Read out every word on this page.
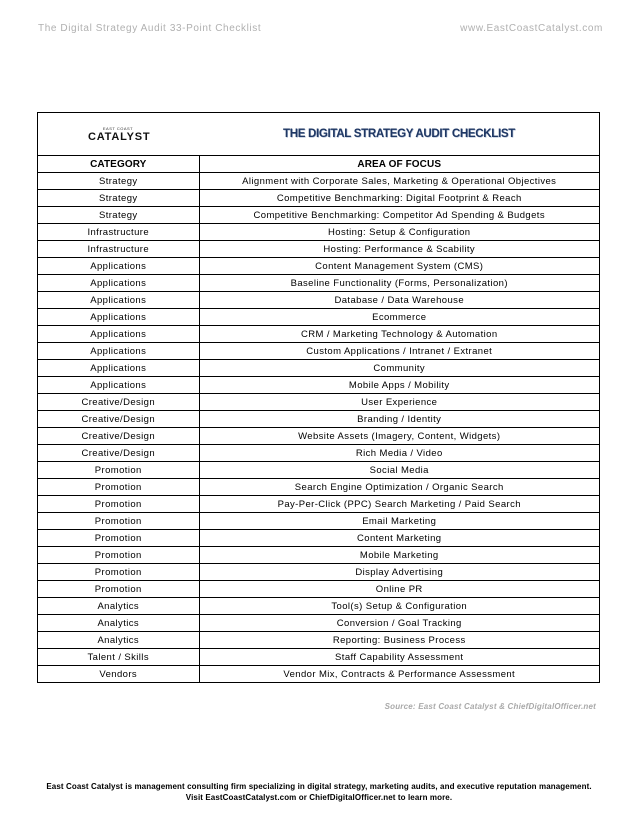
The Digital Strategy Audit 33-Point Checklist	www.EastCoastCatalyst.com
EAST COAST
CATALYST	THE DIGITAL STRATEGY AUDIT CHECKLIST
CATEGORY	AREA OF FOCUS
Strategy	Alignment with Corporate Sales, Marketing & Operational Objectives
Strategy	Competitive Benchmarking: Digital Footprint & Reach
Strategy	Competitive Benchmarking: Competitor Ad Spending & Budgets
Infrastructure	Hosting: Setup & Configuration
Infrastructure	Hosting: Performance & Scability
Applications	Content Management System (CMS)
Applications	Baseline Functionality (Forms, Personalization)
Applications	Database / Data Warehouse
Applications	Ecommerce
Applications	CRM / Marketing Technology & Automation
Applications	Custom Applications / Intranet / Extranet
Applications	Community
Applications	Mobile Apps / Mobility
Creative/Design	User Experience
Creative/Design	Branding / Identity
Creative/Design	Website Assets (Imagery, Content, Widgets)
Creative/Design	Rich Media / Video
Promotion	Social Media
Promotion	Search Engine Optimization / Organic Search
Promotion	Pay-Per-Click (PPC) Search Marketing / Paid Search
Promotion	Email Marketing
Promotion	Content Marketing
Promotion	Mobile Marketing
Promotion	Display Advertising
Promotion	Online PR
Analytics	Tool(s) Setup & Configuration
Analytics	Conversion / Goal Tracking
Analytics	Reporting: Business Process
Talent / Skills	Staff Capability Assessment
Vendors	Vendor Mix, Contracts & Performance Assessment
Source: East Coast Catalyst & ChiefDigitalOfficer.net
East Coast Catalyst is management consulting firm specializing in digital strategy, marketing audits, and executive reputation management. Visit EastCoastCatalyst.com or ChiefDigitalOfficer.net to learn more.
